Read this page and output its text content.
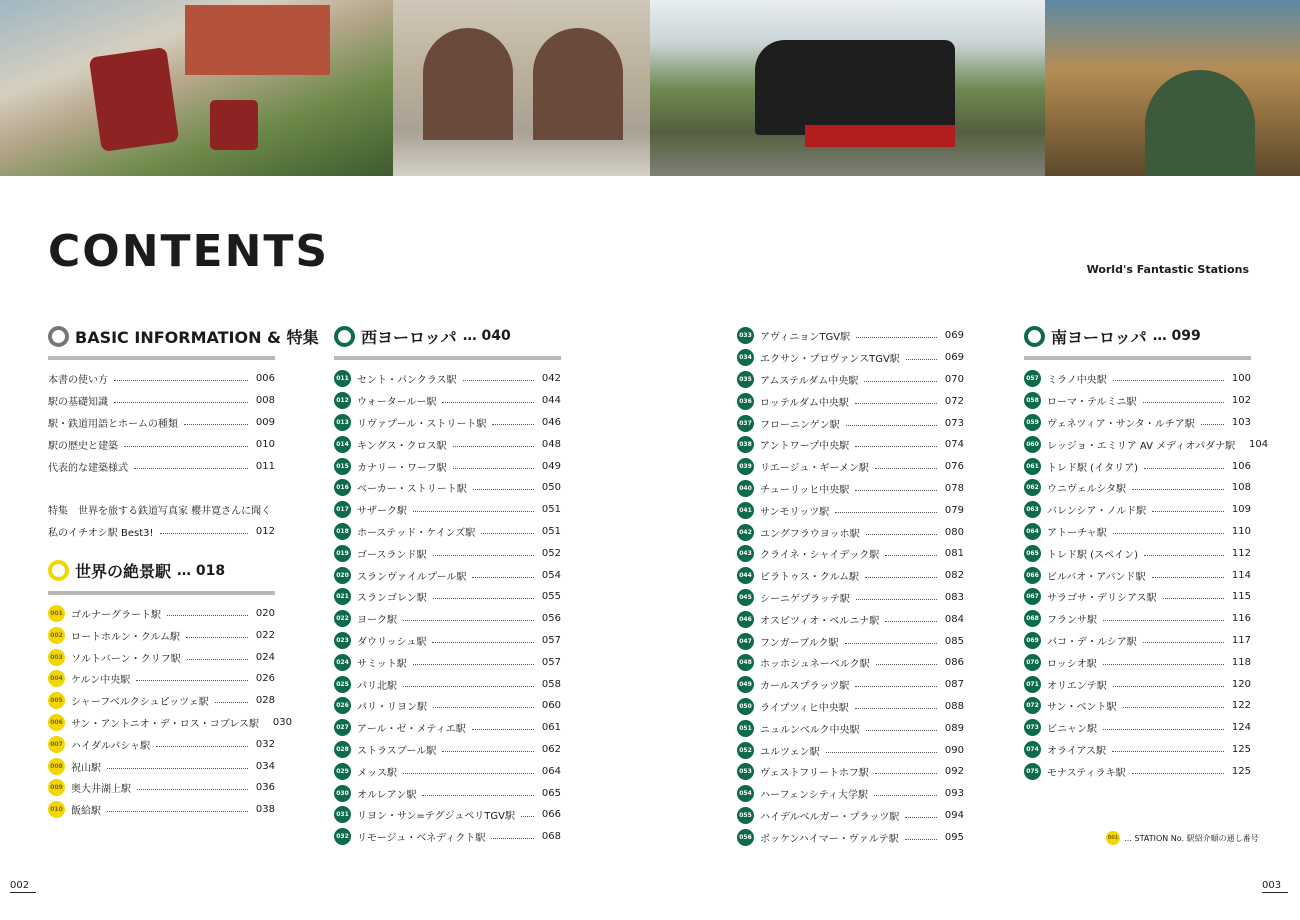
CONTENTS	World's Fantastic Stations
BASIC INFORMATION & 特集
本書の使い方	006
駅の基礎知識	008
駅・鉄道用語とホームの種類	009
駅の歴史と建築	010
代表的な建築様式	011
特集　世界を旅する鉄道写真家 櫻井寛さんに聞く
私のイチオシ駅 Best3!	012
世界の絶景駅 … 018
001 ゴルナーグラート駅	020
002 ロートホルン・クルム駅	022
003 ソルトバーン・クリフ駅	024
004 ケルン中央駅	026
005 シャーフベルクシュピッツェ駅	028
006 サン・アントニオ・デ・ロス・コブレス駅 030
007 ハイダルパシャ駅	032
008 祝山駅	034
009 奥大井湖上駅	036
010 飯給駅	038
西ヨーロッパ … 040
011 セント・パンクラス駅	042
012 ウォータールー駅	044
013 リヴァプール・ストリート駅	046
014 キングス・クロス駅	048
015 カナリー・ワーフ駅	049
016 ベーカー・ストリート駅	050
017 サザーク駅	051
018 ホーステッド・ケインズ駅	051
019 ゴースランド駅	052
020 スランヴァイルプール駅	054
021 スランゴレン駅	055
022 ヨーク駅	056
023 ダウリッシュ駅	057
024 サミット駅	057
025 パリ北駅	058
026 パリ・リヨン駅	060
027 アール・ゼ・メティエ駅	061
028 ストラスブール駅	062
029 メッス駅	064
030 オルレアン駅	065
031 リヨン・サン=テグジュペリTGV駅	066
032 リモージュ・ベネディクト駅	068
033 アヴィニョンTGV駅	069
034 エクサン・プロヴァンスTGV駅	069
035 アムステルダム中央駅	070
036 ロッテルダム中央駅	072
037 フローニンゲン駅	073
038 アントワープ中央駅	074
039 リエージュ・ギーメン駅	076
040 チューリッヒ中央駅	078
041 サンモリッツ駅	079
042 ユングフラウヨッホ駅	080
043 クライネ・シャイデック駅	081
044 ピラトゥス・クルム駅	082
045 シーニゲプラッテ駅	083
046 オスピツィオ・ベルニナ駅	084
047 フンガーブルク駅	085
048 ホッホシュネーベルク駅	086
049 カールスプラッツ駅	087
050 ライプツィヒ中央駅	088
051 ニュルンベルク中央駅	089
052 ユルツェン駅	090
053 ヴェストフリートホフ駅	092
054 ハーフェンシティ大学駅	093
055 ハイデルベルガー・プラッツ駅	094
056 ボッケンハイマー・ヴァルテ駅	095
南ヨーロッパ … 099
057 ミラノ中央駅	100
058 ローマ・テルミニ駅	102
059 ヴェネツィア・サンタ・ルチア駅	103
060 レッジョ・エミリア AV メディオパダナ駅 104
061 トレド駅 (イタリア)	106
062 ウニヴェルシタ駅	108
063 バレンシア・ノルド駅	109
064 アトーチャ駅	110
065 トレド駅 (スペイン)	112
066 ビルバオ・アバンド駅	114
067 サラゴサ・デリシアス駅	115
068 フランサ駅	116
069 パコ・デ・ルシア駅	117
070 ロッシオ駅	118
071 オリエンテ駅	120
072 サン・ベント駅	122
073 ビニャン駅	124
074 オライアス駅	125
075 モナスティラキ駅	125
001 … STATION No. 駅紹介順の通し番号
002	003
